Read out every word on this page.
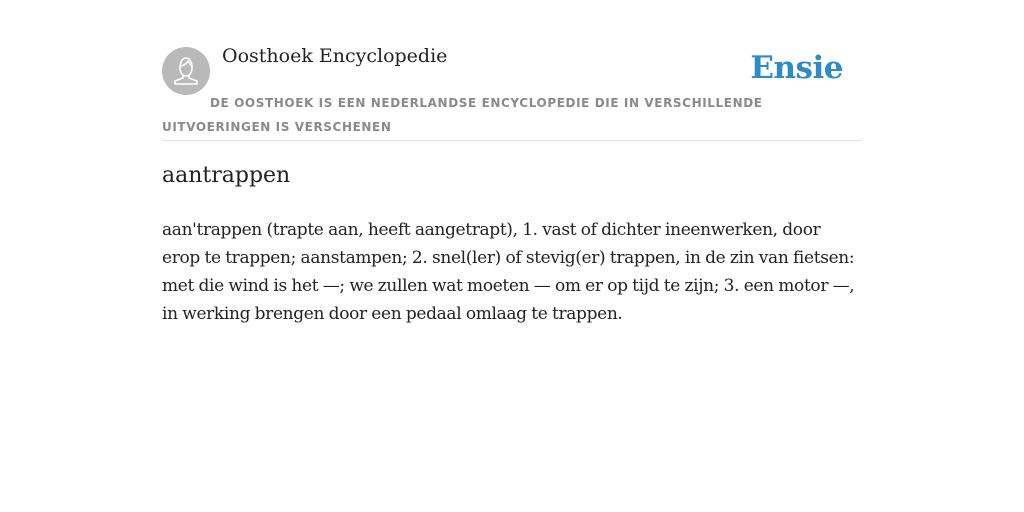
Oosthoek Encyclopedie	Ensie
DE OOSTHOEK IS EEN NEDERLANDSE ENCYCLOPEDIE DIE IN VERSCHILLENDE UITVOERINGEN IS VERSCHENEN
aantrappen

aan'trappen (trapte aan, heeft aangetrapt), 1. vast of dichter ineenwerken, door erop te trappen; aanstampen; 2. snel(ler) of stevig(er) trappen, in de zin van fietsen: met die wind is het —; we zullen wat moeten — om er op tijd te zijn; 3. een motor —, in werking brengen door een pedaal omlaag te trappen.
